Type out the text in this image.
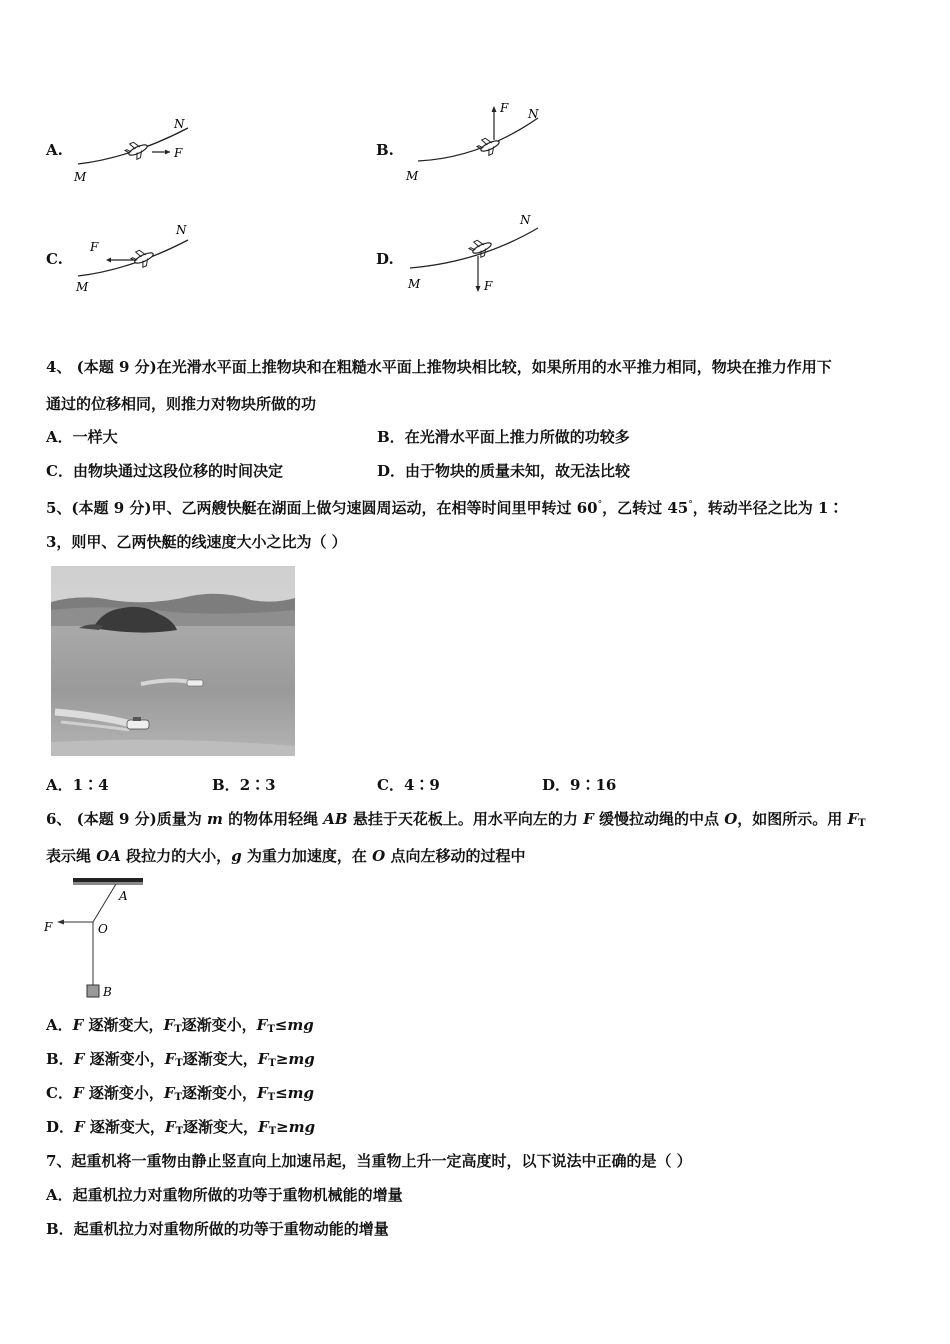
A.	F
N
M
B.
F N
M
C.
F
N
M
D.
F
N
M
4、 (本题 9 分)在光滑水平面上推物块和在粗糙水平面上推物块相比较，如果所用的水平推力相同，物块在推力作用下
通过的位移相同，则推力对物块所做的功
A．一样大	B．在光滑水平面上推力所做的功较多
C．由物块通过这段位移的时间决定	D．由于物块的质量未知，故无法比较
5、(本题 9 分)甲、乙两艘快艇在湖面上做匀速圆周运动，在相等时间里甲转过 60°，乙转过 45°，转动半径之比为 1∶
3，则甲、乙两快艇的线速度大小之比为（ ）
A．1∶4	B．2∶3	C．4∶9	D．9∶16
6、 (本题 9 分)质量为 m 的物体用轻绳 AB 悬挂于天花板上。用水平向左的力 F 缓慢拉动绳的中点 O，如图所示。用 $F_T$
表示绳 OA 段拉力的大小，g 为重力加速度，在 O 点向左移动的过程中
A
O
B
F
A．F 逐渐变大，$F_T$逐渐变小，$F_T\le mg$
B．F 逐渐变小，$F_T$逐渐变大，$F_T\ge mg$
C．F 逐渐变小，$F_T$逐渐变小，$F_T\le mg$
D．F 逐渐变大，$F_T$逐渐变大，$F_T\ge mg$
7、起重机将一重物由静止竖直向上加速吊起，当重物上升一定高度时，以下说法中正确的是（ ）
A．起重机拉力对重物所做的功等于重物机械能的增量
B．起重机拉力对重物所做的功等于重物动能的增量
